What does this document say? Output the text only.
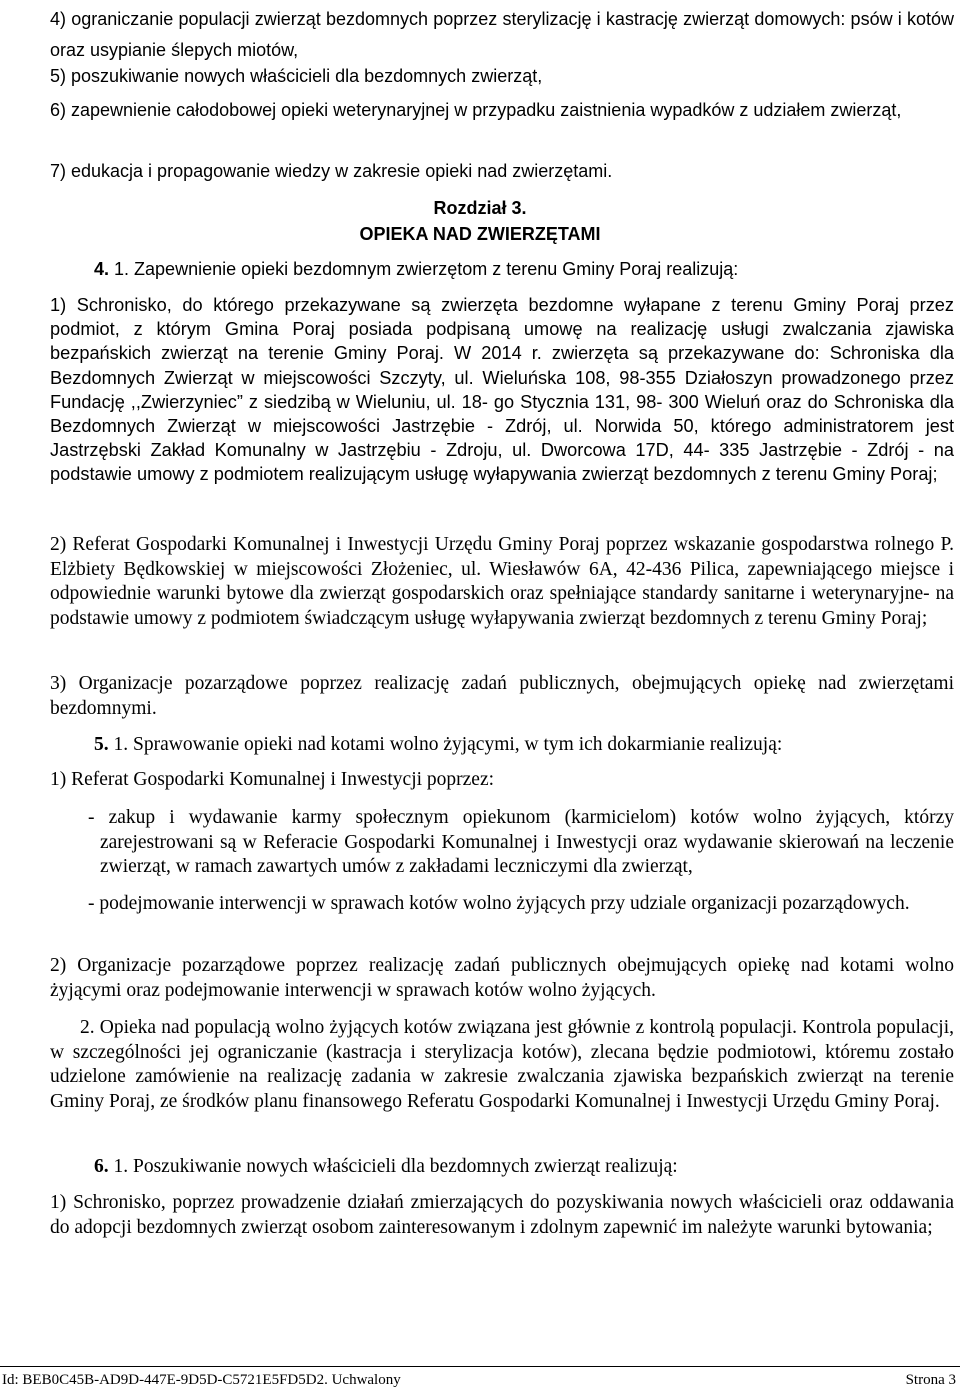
4) ograniczanie populacji zwierząt bezdomnych poprzez sterylizację i kastrację zwierząt domowych: psów i kotów oraz usypianie ślepych miotów,

5) poszukiwanie nowych właścicieli dla bezdomnych zwierząt,

6) zapewnienie całodobowej opieki weterynaryjnej w przypadku zaistnienia wypadków z udziałem zwierząt,

7) edukacja i propagowanie wiedzy w zakresie opieki nad zwierzętami.

Rozdział 3.

OPIEKA NAD ZWIERZĘTAMI

4. 1. Zapewnienie opieki bezdomnym zwierzętom z terenu Gminy Poraj realizują:

1) Schronisko, do którego przekazywane są zwierzęta bezdomne wyłapane z terenu Gminy Poraj przez podmiot, z którym Gmina Poraj posiada podpisaną umowę na realizację usługi zwalczania zjawiska bezpańskich zwierząt na terenie Gminy Poraj. W 2014 r. zwierzęta są przekazywane do: Schroniska dla Bezdomnych Zwierząt w miejscowości Szczyty, ul. Wieluńska 108, 98-355 Działoszyn prowadzonego przez Fundację ,,Zwierzyniec” z siedzibą w Wieluniu, ul. 18- go Stycznia 131, 98- 300 Wieluń oraz do Schroniska dla Bezdomnych Zwierząt w miejscowości Jastrzębie - Zdrój, ul. Norwida 50, którego administratorem jest Jastrzębski Zakład Komunalny w Jastrzębiu - Zdroju, ul. Dworcowa 17D, 44- 335 Jastrzębie - Zdrój - na podstawie umowy z podmiotem realizującym usługę wyłapywania zwierząt bezdomnych z terenu Gminy Poraj;

2) Referat Gospodarki Komunalnej i Inwestycji Urzędu Gminy Poraj poprzez wskazanie gospodarstwa rolnego P. Elżbiety Będkowskiej w miejscowości Złożeniec, ul. Wiesławów 6A, 42-436 Pilica, zapewniającego miejsce i odpowiednie warunki bytowe dla zwierząt gospodarskich oraz spełniające standardy sanitarne i weterynaryjne- na podstawie umowy z podmiotem świadczącym usługę wyłapywania zwierząt bezdomnych z terenu Gminy Poraj;

3) Organizacje pozarządowe poprzez realizację zadań publicznych, obejmujących opiekę nad zwierzętami bezdomnymi.

5. 1. Sprawowanie opieki nad kotami wolno żyjącymi, w tym ich dokarmianie realizują:

1) Referat Gospodarki Komunalnej i Inwestycji poprzez:

- zakup i wydawanie karmy społecznym opiekunom (karmicielom) kotów wolno żyjących, którzy zarejestrowani są w Referacie Gospodarki Komunalnej i Inwestycji oraz wydawanie skierowań na leczenie zwierząt, w ramach zawartych umów z zakładami leczniczymi dla zwierząt,

- podejmowanie interwencji w sprawach kotów wolno żyjących przy udziale organizacji pozarządowych.

2) Organizacje pozarządowe poprzez realizację zadań publicznych obejmujących opiekę nad kotami wolno żyjącymi oraz podejmowanie interwencji w sprawach kotów wolno żyjących.

2. Opieka nad populacją wolno żyjących kotów związana jest głównie z kontrolą populacji. Kontrola populacji, w szczególności jej ograniczanie (kastracja i sterylizacja kotów), zlecana będzie podmiotowi, któremu zostało udzielone zamówienie na realizację zadania w zakresie zwalczania zjawiska bezpańskich zwierząt na terenie Gminy Poraj, ze środków planu finansowego Referatu Gospodarki Komunalnej i Inwestycji Urzędu Gminy Poraj.

6. 1. Poszukiwanie nowych właścicieli dla bezdomnych zwierząt realizują:

1) Schronisko, poprzez prowadzenie działań zmierzających do pozyskiwania nowych właścicieli oraz oddawania do adopcji bezdomnych zwierząt osobom zainteresowanym i zdolnym zapewnić im należyte warunki bytowania;

Id: BEB0C45B-AD9D-447E-9D5D-C5721E5FD5D2. Uchwalony	Strona 3
